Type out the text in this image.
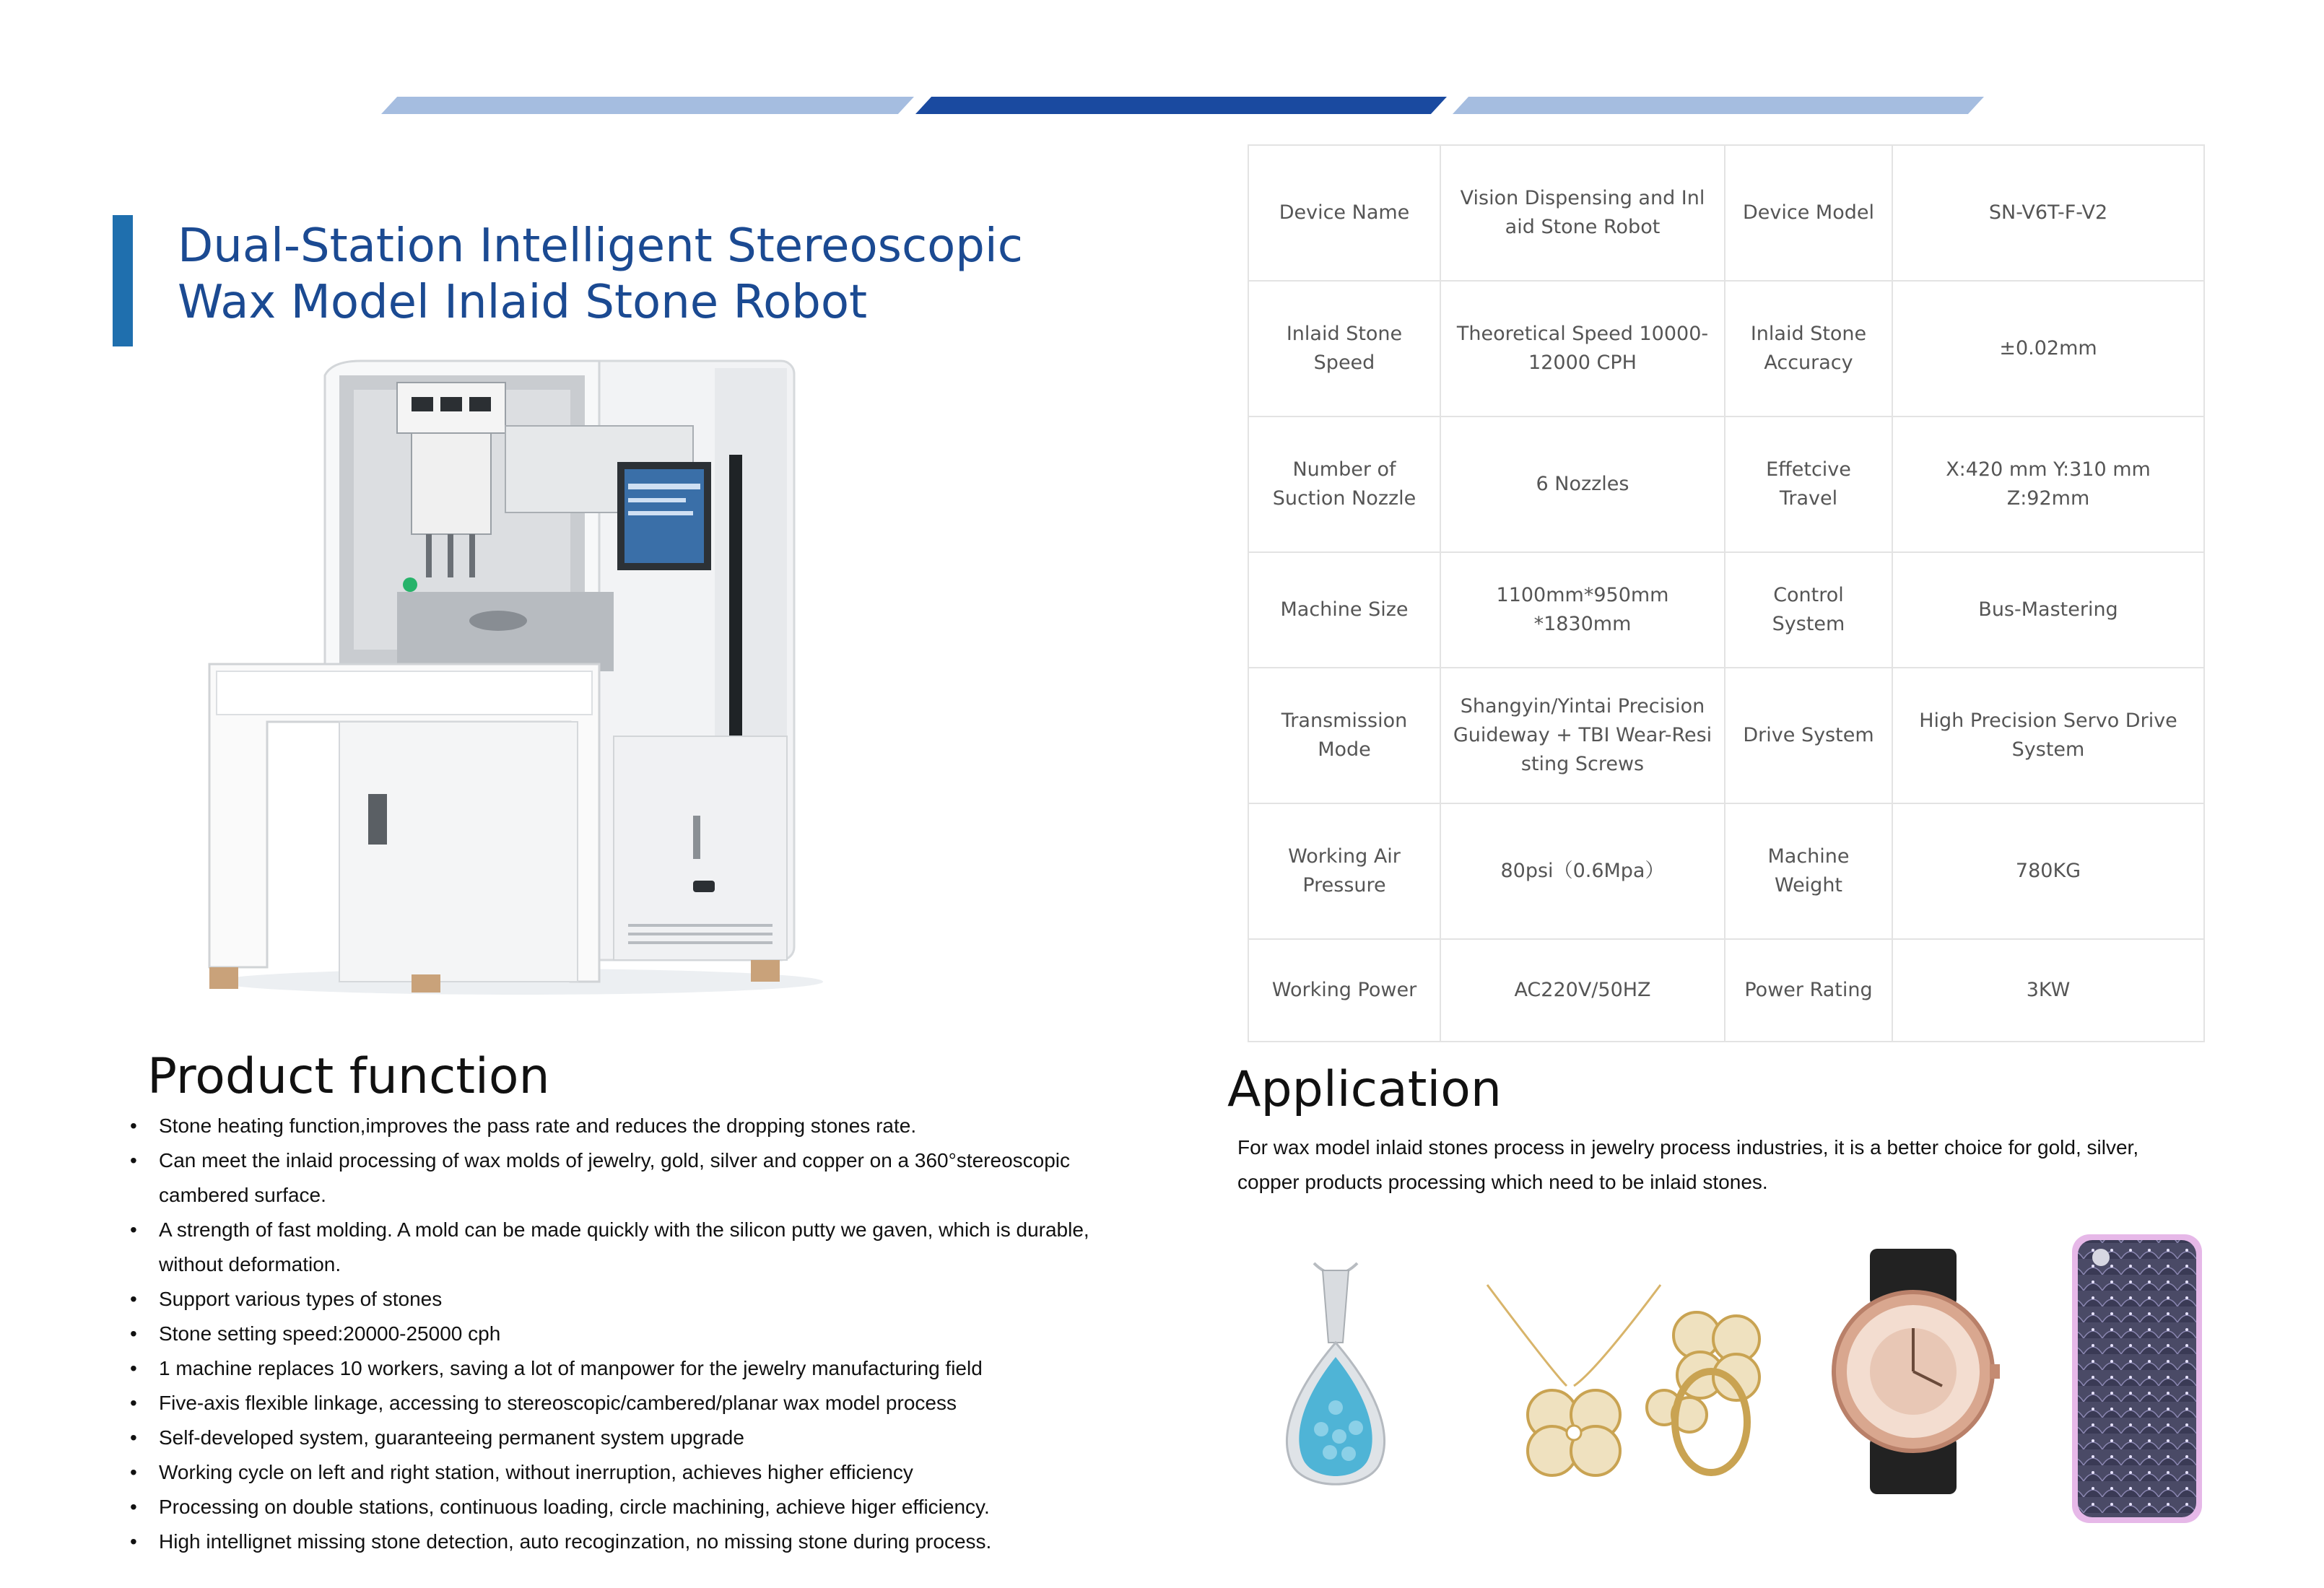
Dual-Station Intelligent Stereoscopic
Wax Model Inlaid Stone Robot
Product function
• Stone heating function,improves the pass rate and reduces the dropping stones rate.
• Can meet the inlaid processing of wax molds of jewelry, gold, silver and copper on a 360°stereoscopic cambered surface.
• A strength of fast molding. A mold can be made quickly with the silicon putty we gaven, which is durable, without deformation.
• Support various types of stones
• Stone setting speed:20000-25000 cph
• 1 machine replaces 10 workers, saving a lot of manpower for the jewelry manufacturing field
• Five-axis flexible linkage, accessing to stereoscopic/cambered/planar wax model process
• Self-developed system, guaranteeing permanent system upgrade
• Working cycle on left and right station, without inerruption, achieves higher efficiency
• Processing on double stations, continuous loading, circle machining, achieve higer efficiency.
• High intellignet missing stone detection, auto recoginzation, no missing stone during process.
Device Name	Vision Dispensing and Inl aid Stone Robot	Device Model	SN-V6T-F-V2
Inlaid Stone Speed	Theoretical Speed 10000-12000 CPH	Inlaid Stone Accuracy	±0.02mm
Number of Suction Nozzle	6 Nozzles	Effetcive Travel	X:420 mm Y:310 mm Z:92mm
Machine Size	1100mm*950mm *1830mm	Control System	Bus-Mastering
Transmission Mode	Shangyin/Yintai Precision Guideway + TBI Wear-Resi sting Screws	Drive System	High Precision Servo Drive System
Working Air Pressure	80psi（0.6Mpa）	Machine Weight	780KG
Working Power	AC220V/50HZ	Power Rating	3KW
Application

For wax model inlaid stones process in jewelry process industries, it is a better choice for gold, silver, copper products processing which need to be inlaid stones.
